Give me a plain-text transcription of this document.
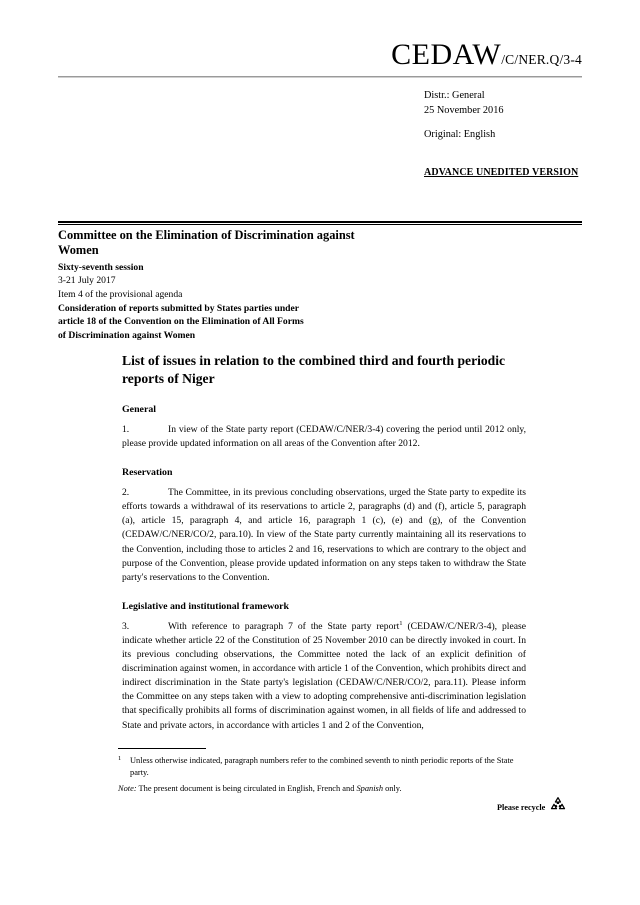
CEDAW/C/NER.Q/3-4
Distr.: General
25 November 2016
Original: English
ADVANCE UNEDITED VERSION
Committee on the Elimination of Discrimination against Women
Sixty-seventh session
3-21 July 2017
Item 4 of the provisional agenda
Consideration of reports submitted by States parties under
article 18 of the Convention on the Elimination of All Forms
of Discrimination against Women
List of issues in relation to the combined third and fourth periodic reports of Niger
General
1.	In view of the State party report (CEDAW/C/NER/3-4) covering the period until 2012 only, please provide updated information on all areas of the Convention after 2012.
Reservation
2.	The Committee, in its previous concluding observations, urged the State party to expedite its efforts towards a withdrawal of its reservations to article 2, paragraphs (d) and (f), article 5, paragraph (a), article 15, paragraph 4, and article 16, paragraph 1 (c), (e) and (g), of the Convention (CEDAW/C/NER/CO/2, para.10). In view of the State party currently maintaining all its reservations to the Convention, including those to articles 2 and 16, reservations to which are contrary to the object and purpose of the Convention, please provide updated information on any steps taken to withdraw the State party's reservations to the Convention.
Legislative and institutional framework
3.	With reference to paragraph 7 of the State party report$^1$ (CEDAW/C/NER/3-4), please indicate whether article 22 of the Constitution of 25 November 2010 can be directly invoked in court. In its previous concluding observations, the Committee noted the lack of an explicit definition of discrimination against women, in accordance with article 1 of the Convention, which prohibits direct and indirect discrimination in the State party's legislation (CEDAW/C/NER/CO/2, para.11). Please inform the Committee on any steps taken with a view to adopting comprehensive anti-discrimination legislation that specifically prohibits all forms of discrimination against women, in all fields of life and addressed to State and private actors, in accordance with articles 1 and 2 of the Convention,
1 Unless otherwise indicated, paragraph numbers refer to the combined seventh to ninth periodic reports of the State party.
Note: The present document is being circulated in English, French and Spanish only.
Please recycle
